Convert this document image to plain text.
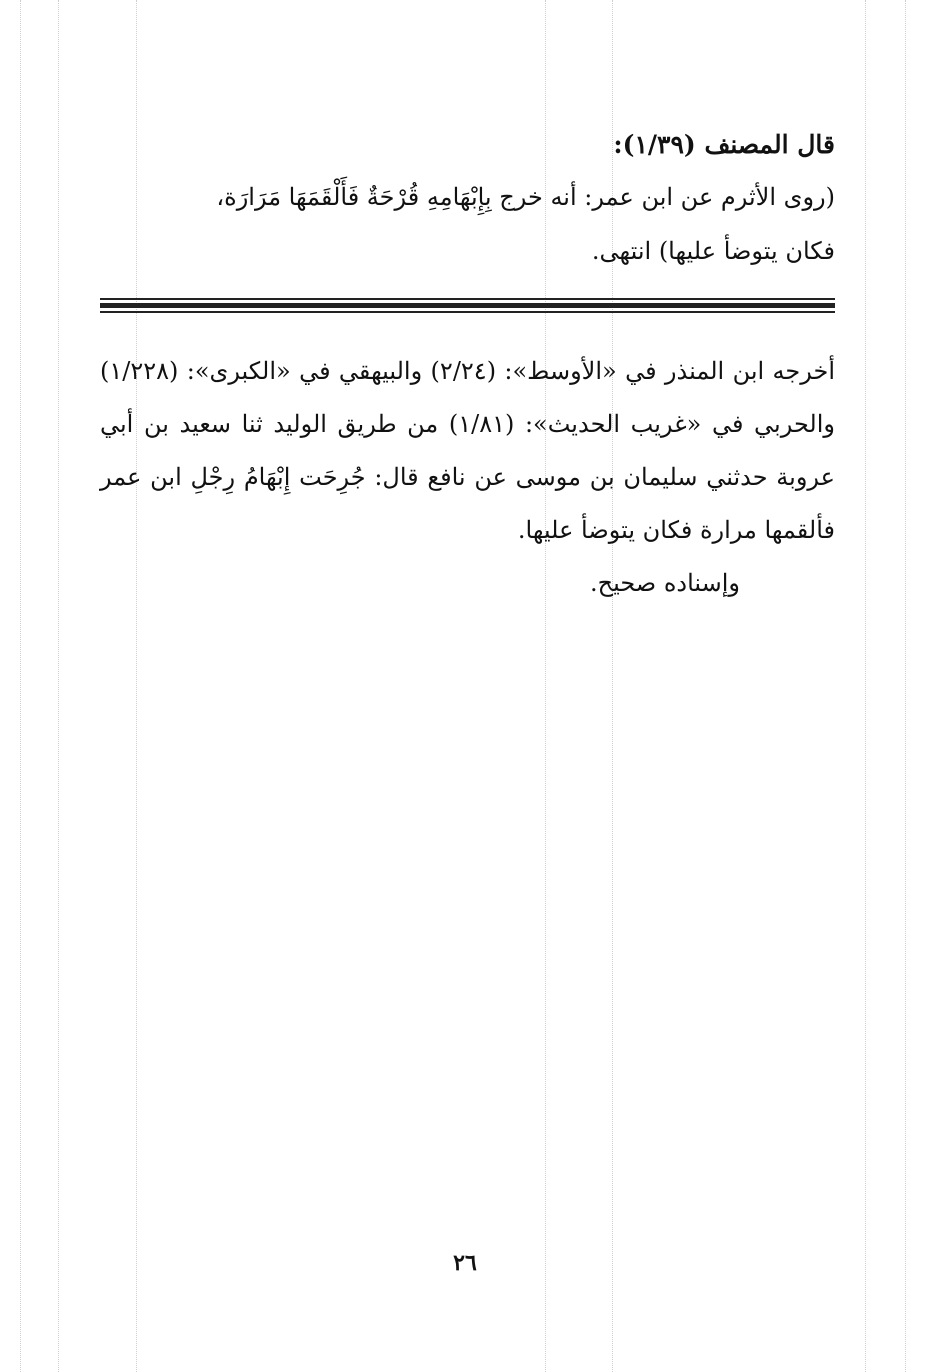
قال المصنف (١/٣٩):

(روى الأثرم عن ابن عمر: أنه خرج بِإِبْهَامِهِ قُرْحَةٌ فَأَلْقَمَهَا مَرَارَة،

فكان يتوضأ عليها) انتهى.

أخرجه ابن المنذر في «الأوسط»: (٢/٢٤) والبيهقي في «الكبرى»: (١/٢٢٨) والحربي في «غريب الحديث»: (١/٨١) من طريق الوليد ثنا سعيد بن أبي عروبة حدثني سليمان بن موسى عن نافع قال: جُرِحَت إِبْهَامُ رِجْلِ ابن عمر فألقمها مرارة فكان يتوضأ عليها.

وإسناده صحيح.

٢٦
